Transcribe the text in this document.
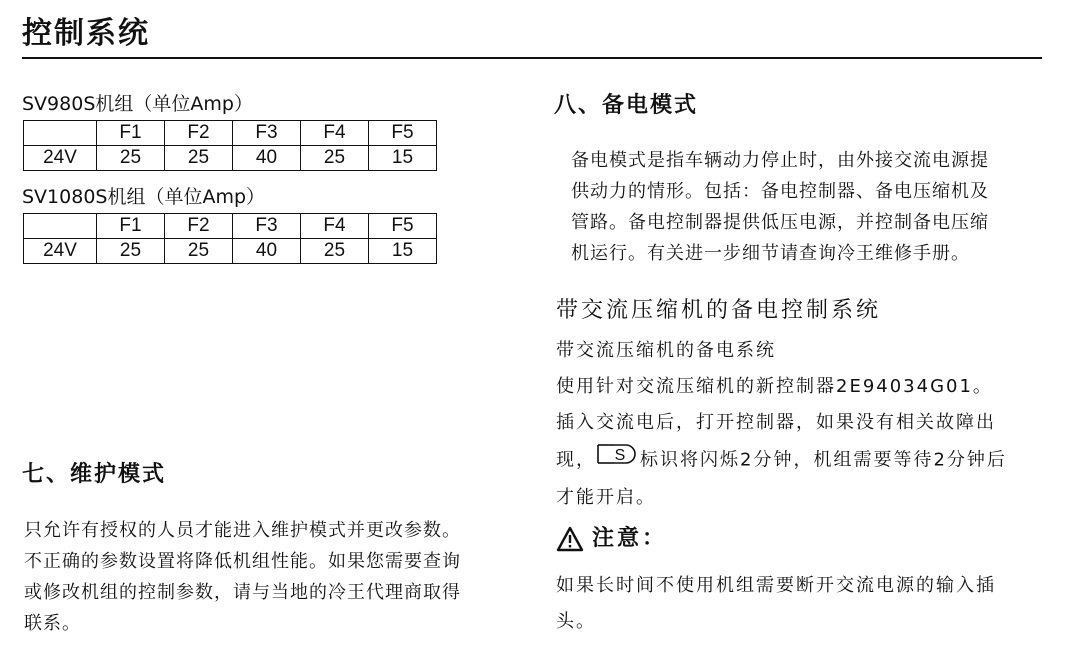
控制系统
SV980S机组（单位Amp）
	F1	F2	F3	F4	F5
24V	25	25	40	25	15
SV1080S机组（单位Amp）
	F1	F2	F3	F4	F5
24V	25	25	40	25	15
七、维护模式
只允许有授权的人员才能进入维护模式并更改参数。
不正确的参数设置将降低机组性能。如果您需要查询
或修改机组的控制参数，请与当地的冷王代理商取得
联系。
八、备电模式
备电模式是指车辆动力停止时，由外接交流电源提
供动力的情形。包括：备电控制器、备电压缩机及
管路。备电控制器提供低压电源，并控制备电压缩
机运行。有关进一步细节请查询冷王维修手册。
带交流压缩机的备电控制系统
带交流压缩机的备电系统
使用针对交流压缩机的新控制器2E94034G01。
插入交流电后，打开控制器，如果没有相关故障出
现， S 标识将闪烁2分钟，机组需要等待2分钟后
才能开启。
注意：
如果长时间不使用机组需要断开交流电源的输入插
头。
